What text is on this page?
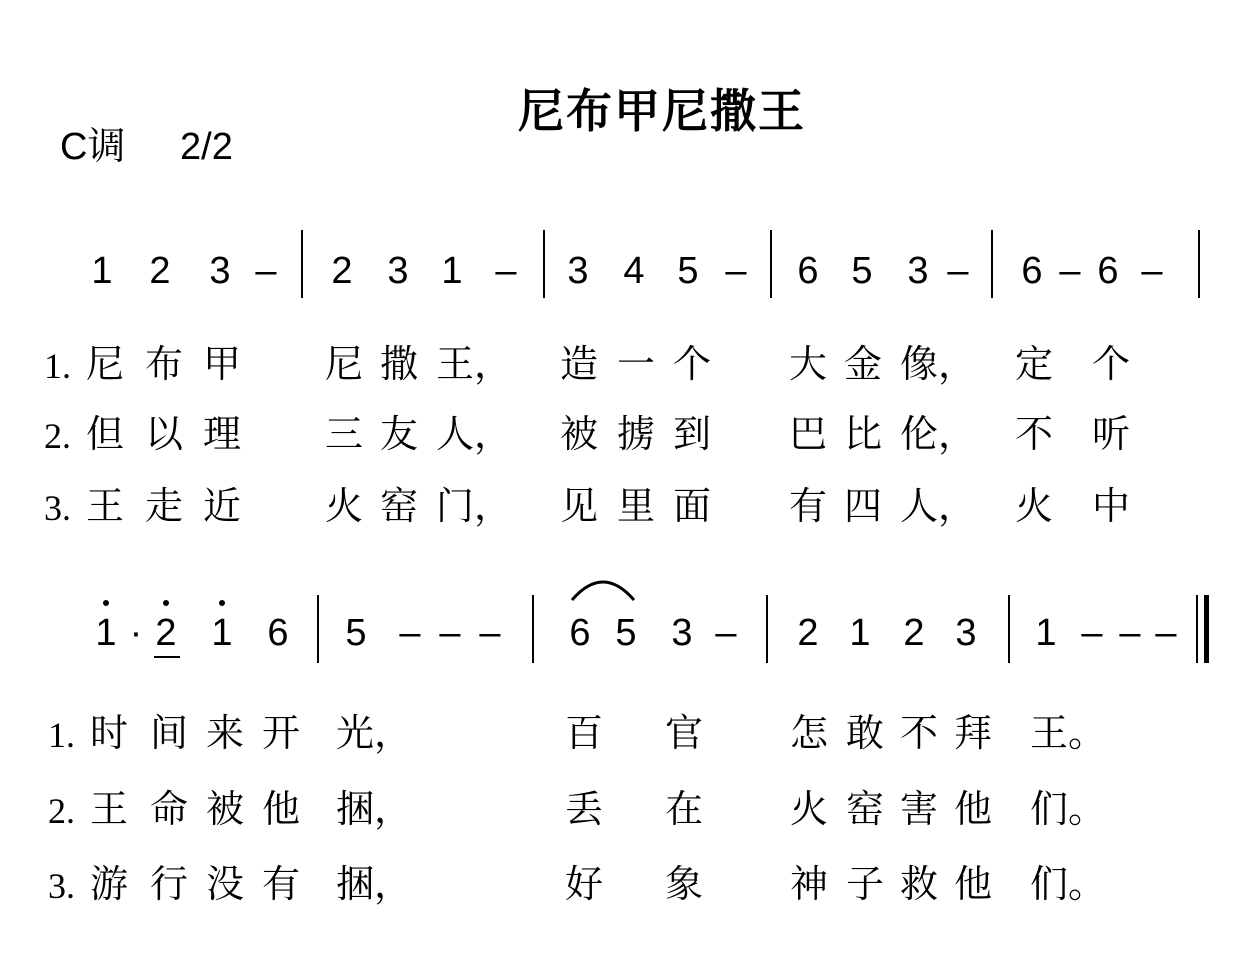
尼布甲尼撒王
C调 2/2
1 2 3 – 2 3 1 – 3 4 5 – 6 5 3 – 6 – 6 –
1. 尼 布 甲 尼 撒 王， 造 一 个 大 金 像， 定 个
2. 但 以 理 三 友 人， 被 掳 到 巴 比 伦， 不 听
3. 王 走 近 火 窑 门， 见 里 面 有 四 人， 火 中
1 · 2 1 6 5 – – – 6 5 3 – 2 1 2 3 1 – – –
1. 时 间 来 开 光，	百 官 怎 敢 不 拜 王。
2. 王 命 被 他 捆，	丢 在 火 窑 害 他 们。
3. 游 行 没 有 捆，	好 象 神 子 救 他 们。
